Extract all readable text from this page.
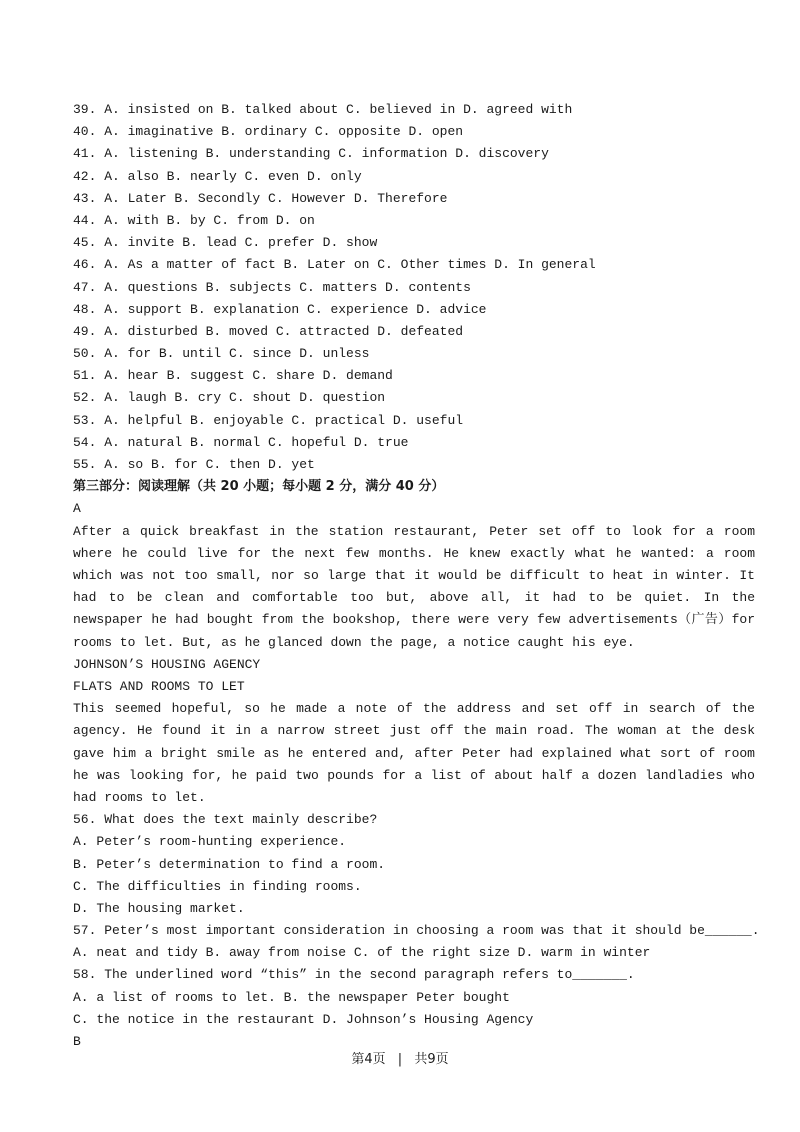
39. A. insisted on B. talked about C. believed in D. agreed with
40. A. imaginative B. ordinary C. opposite D. open
41. A. listening B. understanding C. information D. discovery
42. A. also B. nearly C. even D. only
43. A. Later B. Secondly C. However D. Therefore
44. A. with B. by C. from D. on
45. A. invite B. lead C. prefer D. show
46. A. As a matter of fact B. Later on C. Other times D. In general
47. A. questions B. subjects C. matters D. contents
48. A. support B. explanation C. experience D. advice
49. A. disturbed B. moved C. attracted D. defeated
50. A. for B. until C. since D. unless
51. A. hear B. suggest C. share D. demand
52. A. laugh B. cry C. shout D. question
53. A. helpful B. enjoyable C. practical D. useful
54. A. natural B. normal C. hopeful D. true
55. A. so B. for C. then D. yet
第三部分：阅读理解（共 20 小题；每小题 2 分，满分 40 分）
A

After a quick breakfast in the station restaurant, Peter set off to look for a room where he could live for the next few months. He knew exactly what he wanted: a room which was not too small, nor so large that it would be difficult to heat in winter. It had to be clean and comfortable too but, above all, it had to be quiet. In the newspaper he had bought from the bookshop, there were very few advertisements（广告）for rooms to let. But, as he glanced down the page, a notice caught his eye.

JOHNSON’S HOUSING AGENCY
FLATS AND ROOMS TO LET

This seemed hopeful, so he made a note of the address and set off in search of the agency. He found it in a narrow street just off the main road. The woman at the desk gave him a bright smile as he entered and, after Peter had explained what sort of room he was looking for, he paid two pounds for a list of about half a dozen landladies who had rooms to let.

56. What does the text mainly describe?
A. Peter’s room-hunting experience.
B. Peter’s determination to find a room.
C. The difficulties in finding rooms.
D. The housing market.
57. Peter’s most important consideration in choosing a room was that it should be______.
A. neat and tidy B. away from noise C. of the right size D. warm in winter
58. The underlined word “this” in the second paragraph refers to_______.
A. a list of rooms to let. B. the newspaper Peter bought
C. the notice in the restaurant D. Johnson’s Housing Agency
B
第4页 | 共9页
